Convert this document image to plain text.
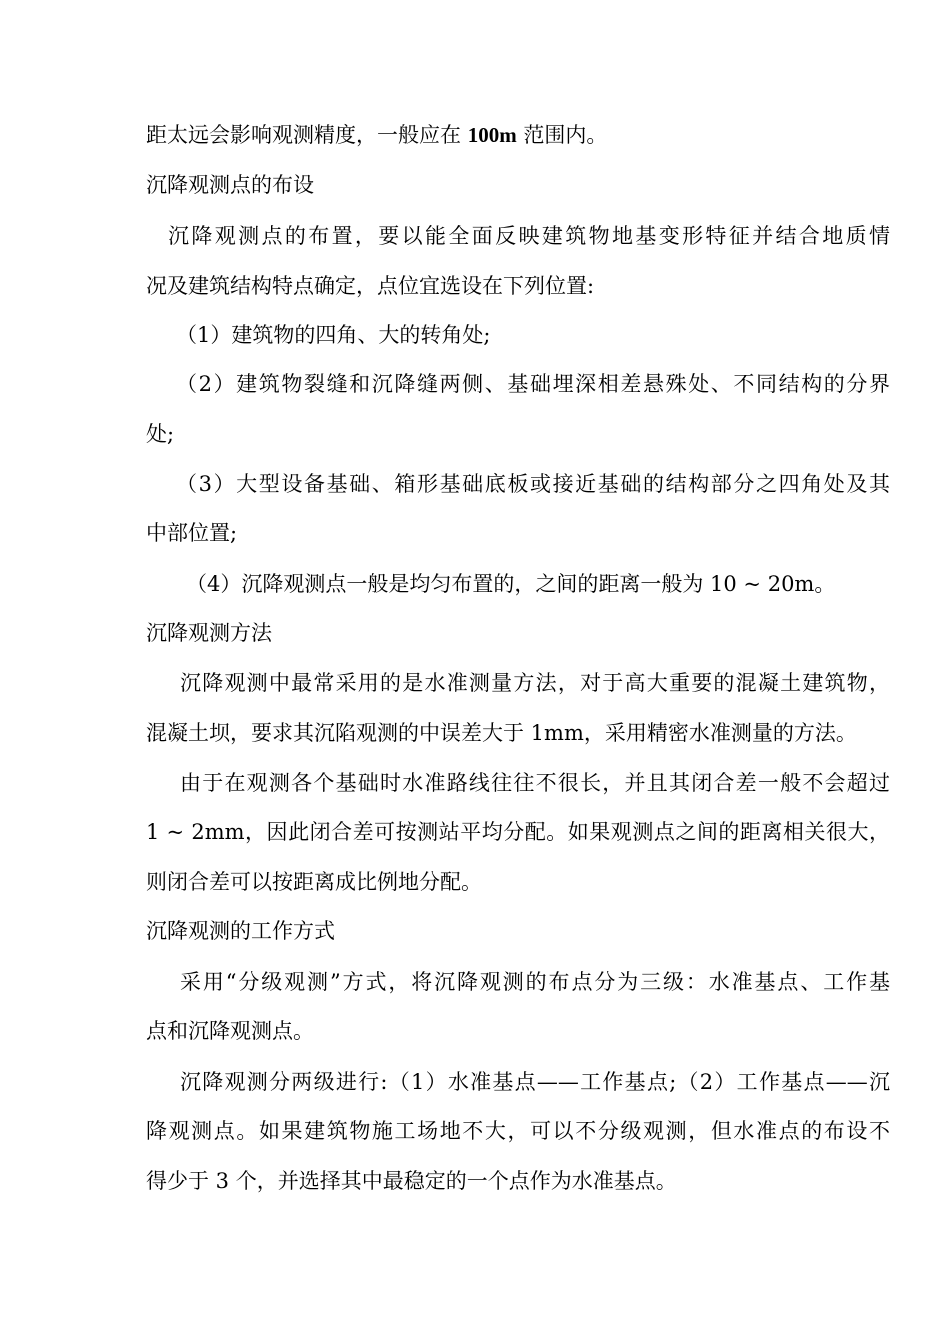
距太远会影响观测精度，一般应在 100m 范围内。
沉降观测点的布设
沉降观测点的布置，要以能全面反映建筑物地基变形特征并结合地质情
况及建筑结构特点确定，点位宜选设在下列位置:
（1）建筑物的四角、大的转角处;
（2）建筑物裂缝和沉降缝两侧、基础埋深相差悬殊处、不同结构的分界
处;
（3）大型设备基础、箱形基础底板或接近基础的结构部分之四角处及其
中部位置;
（4）沉降观测点一般是均匀布置的，之间的距离一般为 10 ~ 20m。
沉降观测方法
沉降观测中最常采用的是水准测量方法，对于高大重要的混凝土建筑物，
混凝土坝，要求其沉陷观测的中误差大于 1mm，采用精密水准测量的方法。
由于在观测各个基础时水准路线往往不很长，并且其闭合差一般不会超过
1 ~ 2mm，因此闭合差可按测站平均分配。如果观测点之间的距离相关很大，
则闭合差可以按距离成比例地分配。
沉降观测的工作方式
采用“分级观测”方式，将沉降观测的布点分为三级：水准基点、工作基
点和沉降观测点。
沉降观测分两级进行:（1）水准基点——工作基点;（2）工作基点——沉
降观测点。如果建筑物施工场地不大，可以不分级观测，但水准点的布设不
得少于 3 个，并选择其中最稳定的一个点作为水准基点。
